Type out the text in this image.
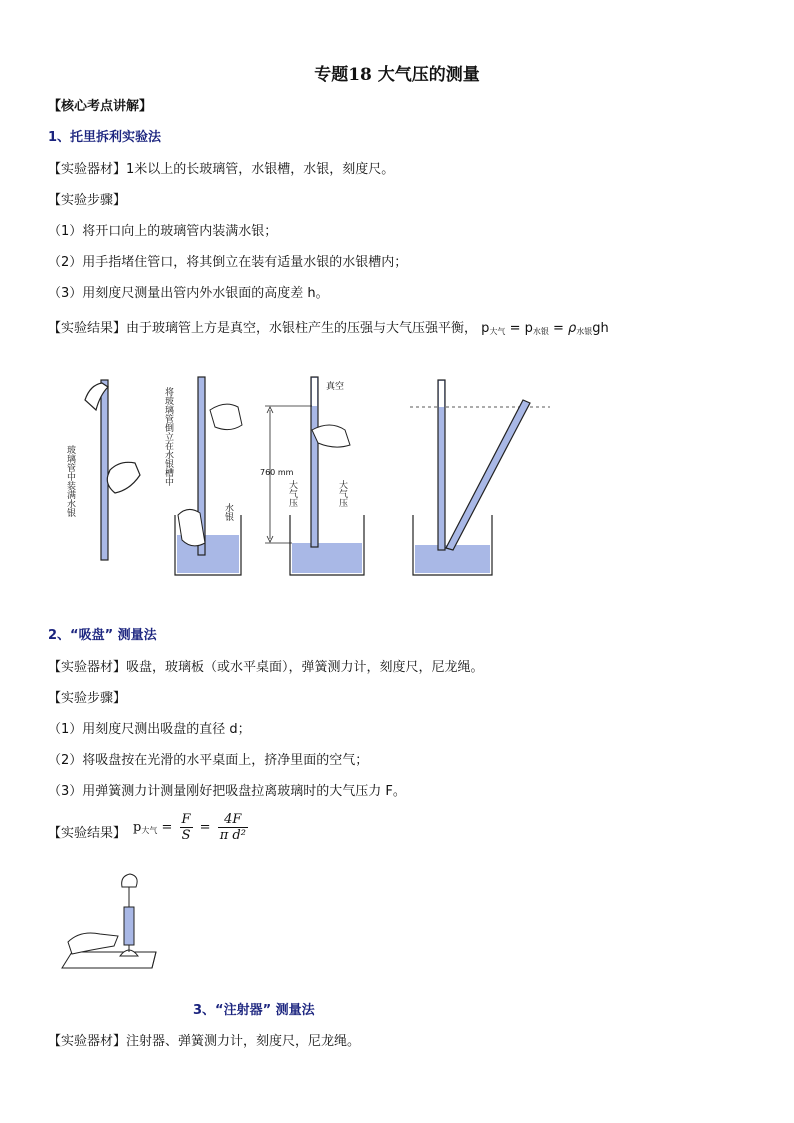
专题18 大气压的测量
【核心考点讲解】
1、托里拆利实验法
【实验器材】1米以上的长玻璃管，水银槽，水银，刻度尺。
【实验步骤】
（1）将开口向上的玻璃管内装满水银；
（2）用手指堵住管口，将其倒立在装有适量水银的水银槽内；
（3）用刻度尺测量出管内外水银面的高度差 h。
【实验结果】由于玻璃管上方是真空，水银柱产生的压强与大气压强平衡， $p_{大气} = p_{水银} = \rho_{水银}gh$
玻璃管中装满水银	将玻璃管倒立在水银槽中
水银
真空
760 mm
大气压	大气压
2、“吸盘” 测量法
【实验器材】吸盘，玻璃板（或水平桌面），弹簧测力计，刻度尺，尼龙绳。
【实验步骤】
（1）用刻度尺测出吸盘的直径 d；
（2）将吸盘按在光滑的水平桌面上，挤净里面的空气；
（3）用弹簧测力计测量刚好把吸盘拉离玻璃时的大气压力 F。
【实验结果】 $p_{大气} = \frac{F}{S} = \frac{4F}{\text{π d²}}$
3、“注射器” 测量法
【实验器材】注射器、弹簧测力计，刻度尺，尼龙绳。
